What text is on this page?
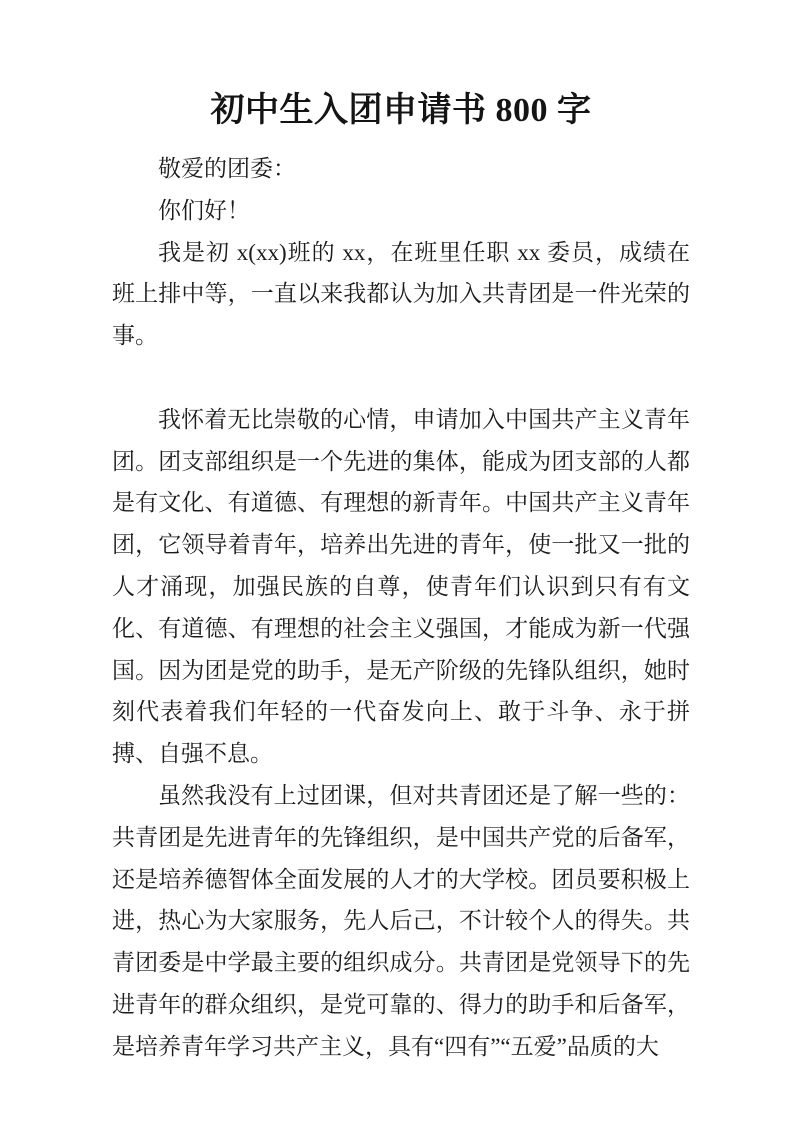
初中生入团申请书 800 字

敬爱的团委：

你们好！

我是初 x(xx)班的 xx，在班里任职 xx 委员，成绩在班上排中等，一直以来我都认为加入共青团是一件光荣的事。

我怀着无比崇敬的心情，申请加入中国共产主义青年团。团支部组织是一个先进的集体，能成为团支部的人都是有文化、有道德、有理想的新青年。中国共产主义青年团，它领导着青年，培养出先进的青年，使一批又一批的人才涌现，加强民族的自尊，使青年们认识到只有有文化、有道德、有理想的社会主义强国，才能成为新一代强国。因为团是党的助手，是无产阶级的先锋队组织，她时刻代表着我们年轻的一代奋发向上、敢于斗争、永于拼搏、自强不息。

虽然我没有上过团课，但对共青团还是了解一些的：共青团是先进青年的先锋组织，是中国共产党的后备军，还是培养德智体全面发展的人才的大学校。团员要积极上进，热心为大家服务，先人后己，不计较个人的得失。共青团委是中学最主要的组织成分。共青团是党领导下的先进青年的群众组织，是党可靠的、得力的助手和后备军，是培养青年学习共产主义，具有“四有”“五爱”品质的大
